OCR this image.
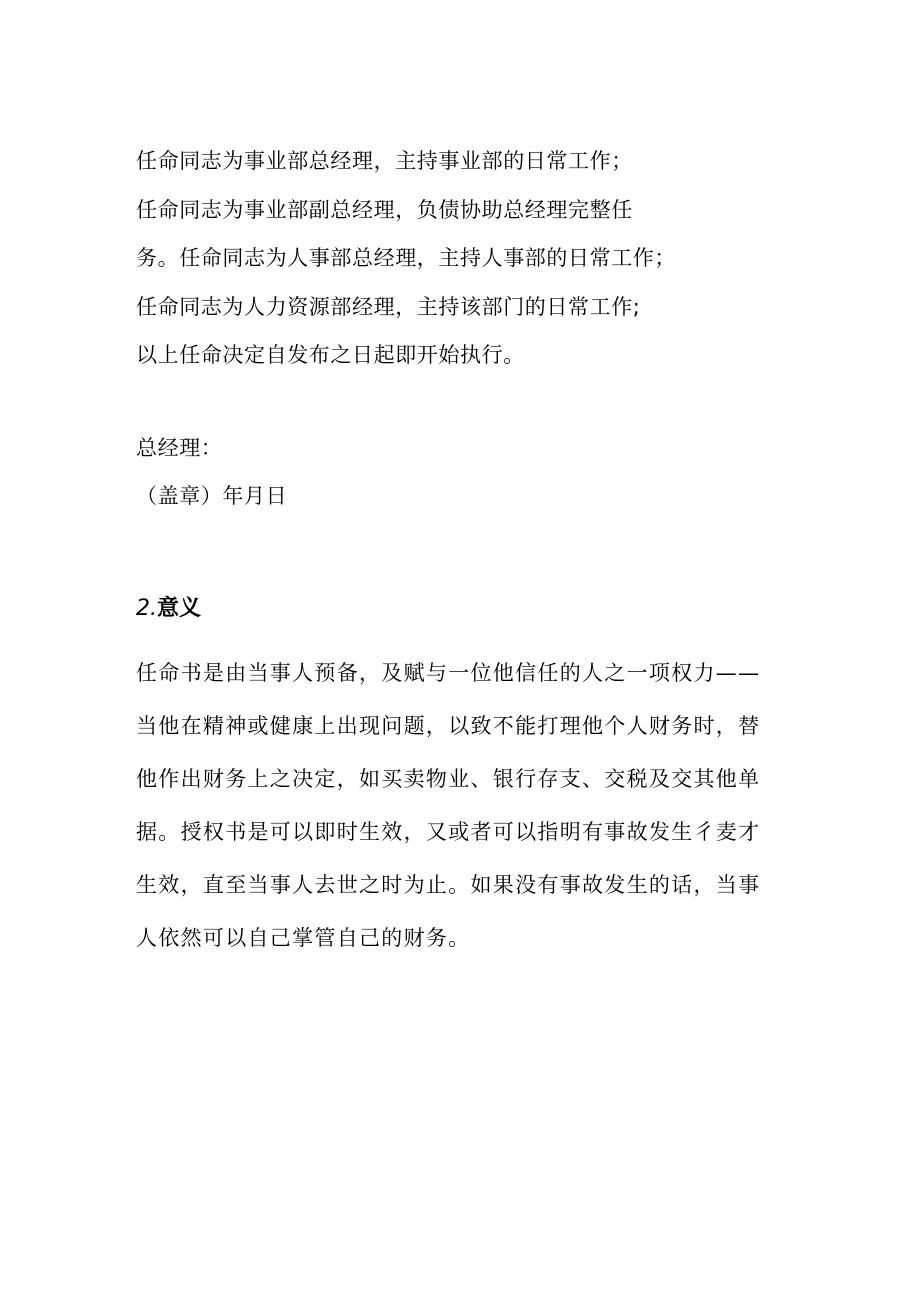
任命同志为事业部总经理，主持事业部的日常工作；
任命同志为事业部副总经理，负债协助总经理完整任
务。任命同志为人事部总经理，主持人事部的日常工作；
任命同志为人力资源部经理，主持该部门的日常工作;
以上任命决定自发布之日起即开始执行。
总经理：
（盖章）年月日
2.意义
任命书是由当事人预备，及赋与一位他信任的人之一项权力——
当他在精神或健康上出现问题，以致不能打理他个人财务时，替
他作出财务上之决定，如买卖物业、银行存支、交税及交其他单
据。授权书是可以即时生效，又或者可以指明有事故发生彳麦才
生效，直至当事人去世之时为止。如果没有事故发生的话，当事
人依然可以自己掌管自己的财务。
